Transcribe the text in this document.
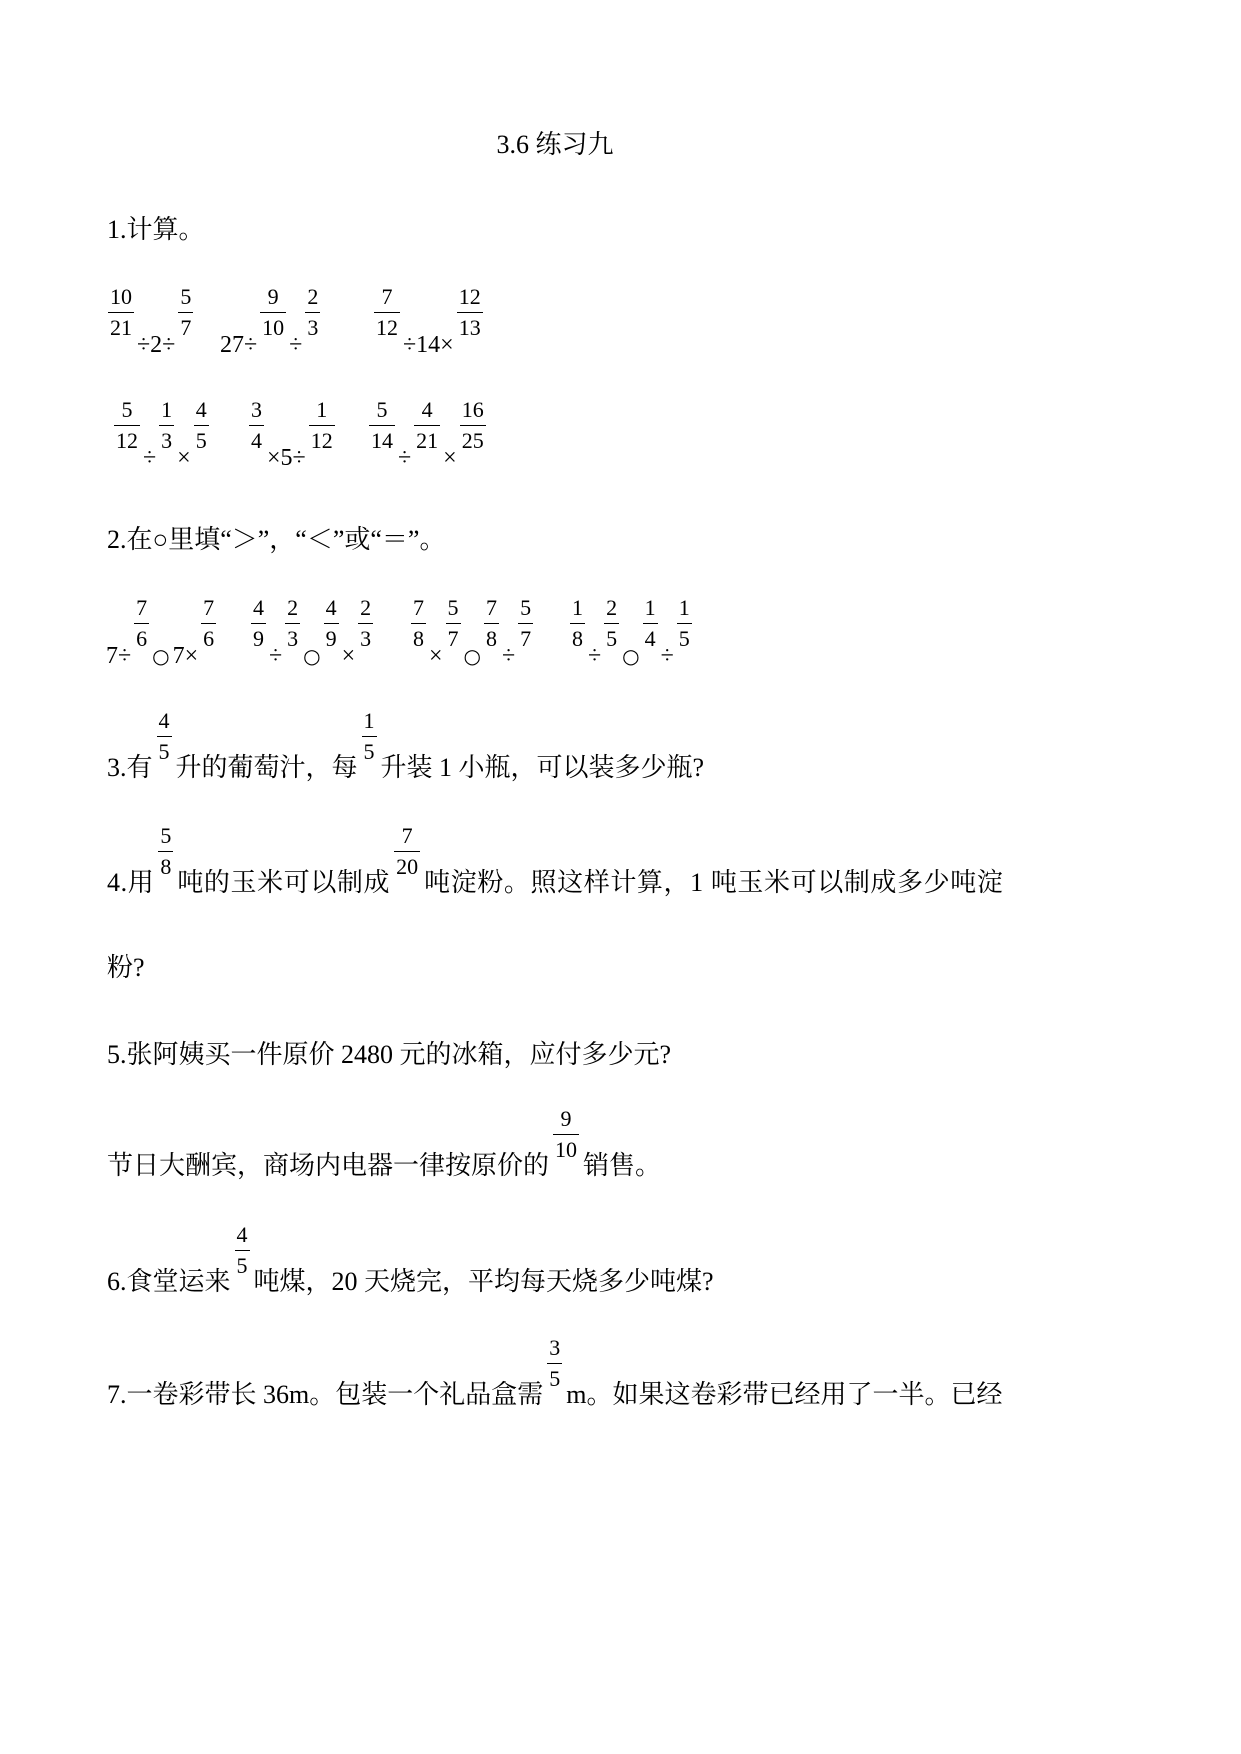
3.6 练习九
1.计算。
$\frac{10}{21}$
÷2÷
$\frac{5}{7}$
27÷
$\frac{9}{10}$
÷
$\frac{2}{3} \frac{7}{12}$
÷14×
$\frac{12}{13}$
$\frac{5}{12}$
÷
$\frac{1}{3}$
×
$\frac{4}{5} \frac{3}{4}$
×5÷
$\frac{1}{12} \frac{5}{14}$
÷
$\frac{4}{21}$
×
$\frac{16}{25}$
2.在○里填“＞”，“＜”或“＝”。
7÷
$\frac{7}{6}$
○ 7×
$\frac{7}{6} \frac{4}{9}$
÷
$\frac{2}{3}$
○
$\frac{4}{9}$
×
$\frac{2}{3} \frac{7}{8}$
×
$\frac{5}{7}$
○
$\frac{7}{8}$
÷
$\frac{5}{7} \frac{1}{8}$
÷
$\frac{2}{5}$
○
$\frac{1}{4}$
÷
$\frac{1}{5}$
3.有
$\frac{4}{5}$
升的葡萄汁，每
$\frac{1}{5}$
升装 1 小瓶，可以装多少瓶?
4.用
$\frac{5}{8}$
吨的玉米可以制成
$\frac{7}{20}$
吨淀粉。照这样计算，1 吨玉米可以制成多少吨淀
粉?
5.张阿姨买一件原价 2480 元的冰箱，应付多少元?
节日大酬宾，商场内电器一律按原价的
$\frac{9}{10}$
销售。
6.食堂运来
$\frac{4}{5}$
吨煤，20 天烧完，平均每天烧多少吨煤?
7.一卷彩带长 36m。包装一个礼品盒需
$\frac{3}{5}$
m。如果这卷彩带已经用了一半。已经
